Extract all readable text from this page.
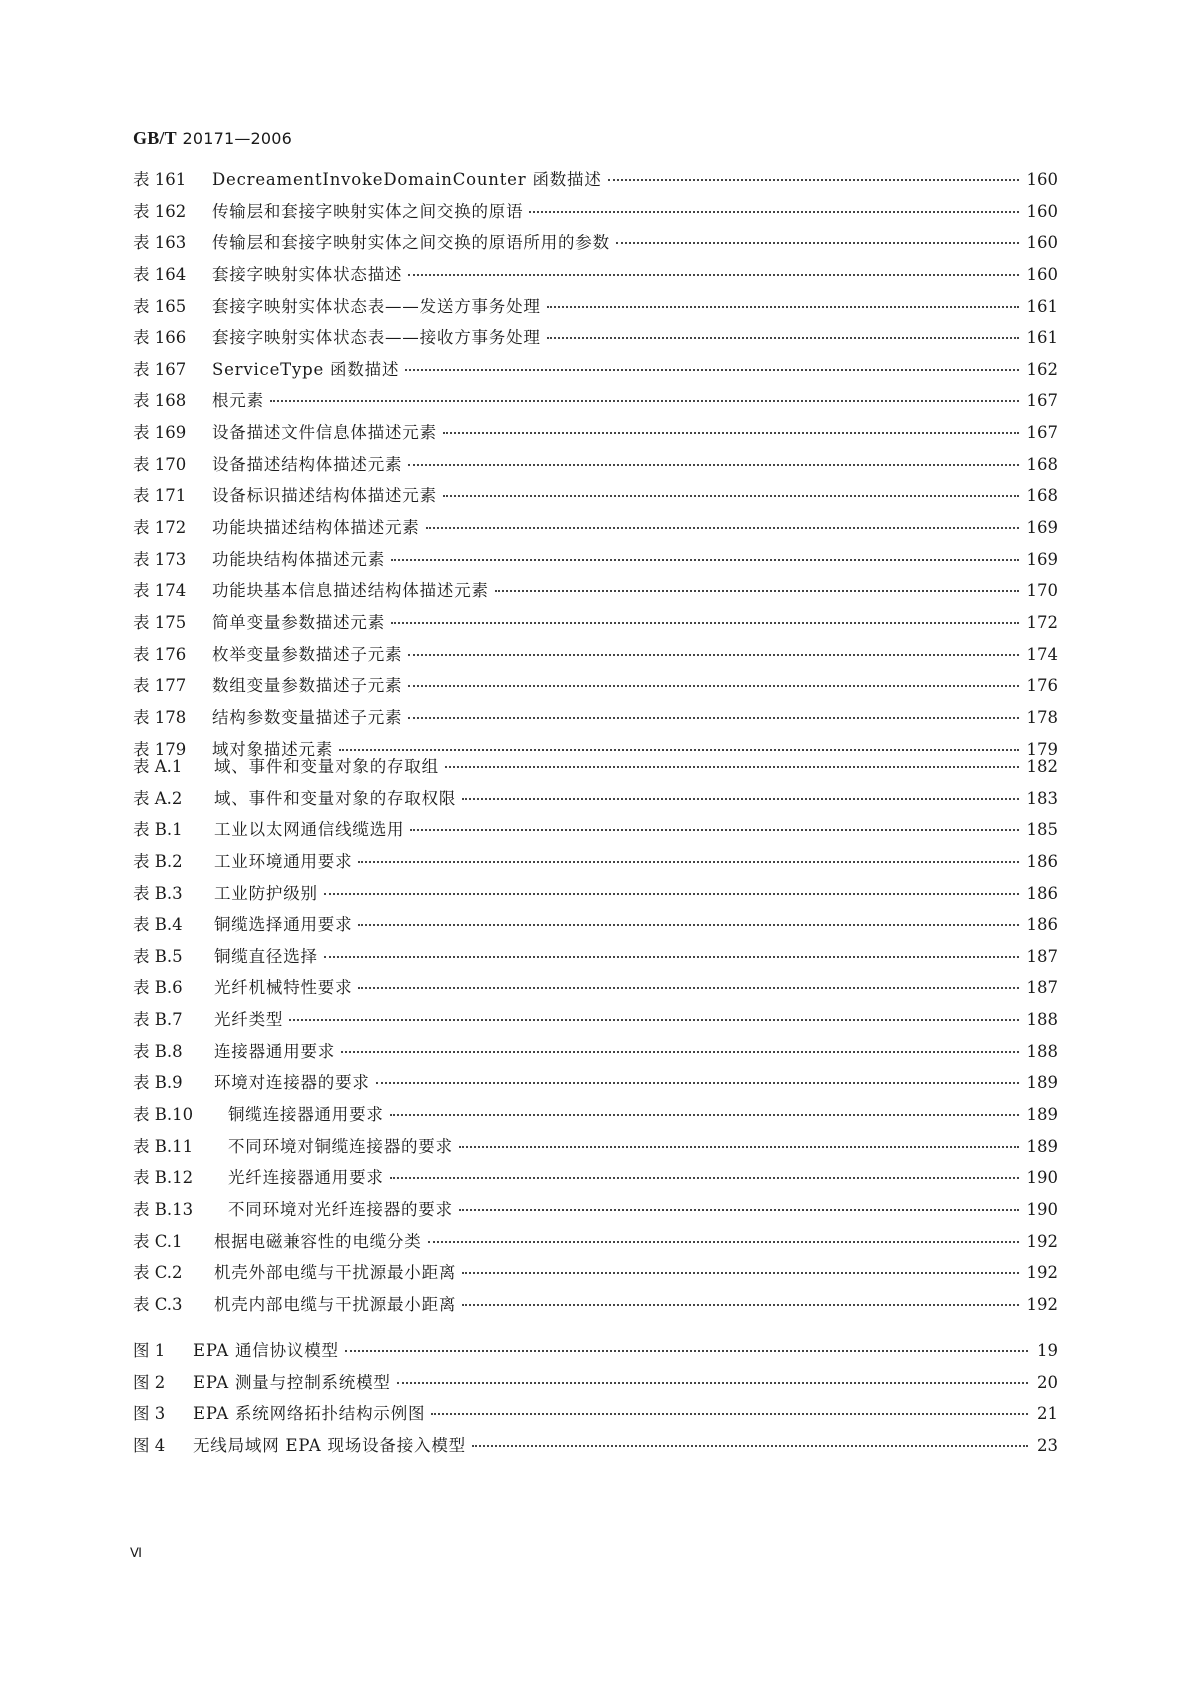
GB/T 20171—2006
表 161	DecreamentInvokeDomainCounter 函数描述	160
表 162	传输层和套接字映射实体之间交换的原语	160
表 163	传输层和套接字映射实体之间交换的原语所用的参数	160
表 164	套接字映射实体状态描述	160
表 165	套接字映射实体状态表——发送方事务处理	161
表 166	套接字映射实体状态表——接收方事务处理	161
表 167	ServiceType 函数描述	162
表 168	根元素	167
表 169	设备描述文件信息体描述元素	167
表 170	设备描述结构体描述元素	168
表 171	设备标识描述结构体描述元素	168
表 172	功能块描述结构体描述元素	169
表 173	功能块结构体描述元素	169
表 174	功能块基本信息描述结构体描述元素	170
表 175	简单变量参数描述元素	172
表 176	枚举变量参数描述子元素	174
表 177	数组变量参数描述子元素	176
表 178	结构参数变量描述子元素	178
表 179	域对象描述元素	179
表 A.1	域、事件和变量对象的存取组	182
表 A.2	域、事件和变量对象的存取权限	183
表 B.1	工业以太网通信线缆选用	185
表 B.2	工业环境通用要求	186
表 B.3	工业防护级别	186
表 B.4	铜缆选择通用要求	186
表 B.5	铜缆直径选择	187
表 B.6	光纤机械特性要求	187
表 B.7	光纤类型	188
表 B.8	连接器通用要求	188
表 B.9	环境对连接器的要求	189
表 B.10	铜缆连接器通用要求	189
表 B.11	不同环境对铜缆连接器的要求	189
表 B.12	光纤连接器通用要求	190
表 B.13	不同环境对光纤连接器的要求	190
表 C.1	根据电磁兼容性的电缆分类	192
表 C.2	机壳外部电缆与干扰源最小距离	192
表 C.3	机壳内部电缆与干扰源最小距离	192
图 1	EPA 通信协议模型	19
图 2	EPA 测量与控制系统模型	20
图 3	EPA 系统网络拓扑结构示例图	21
图 4	无线局域网 EPA 现场设备接入模型	23
Ⅵ
